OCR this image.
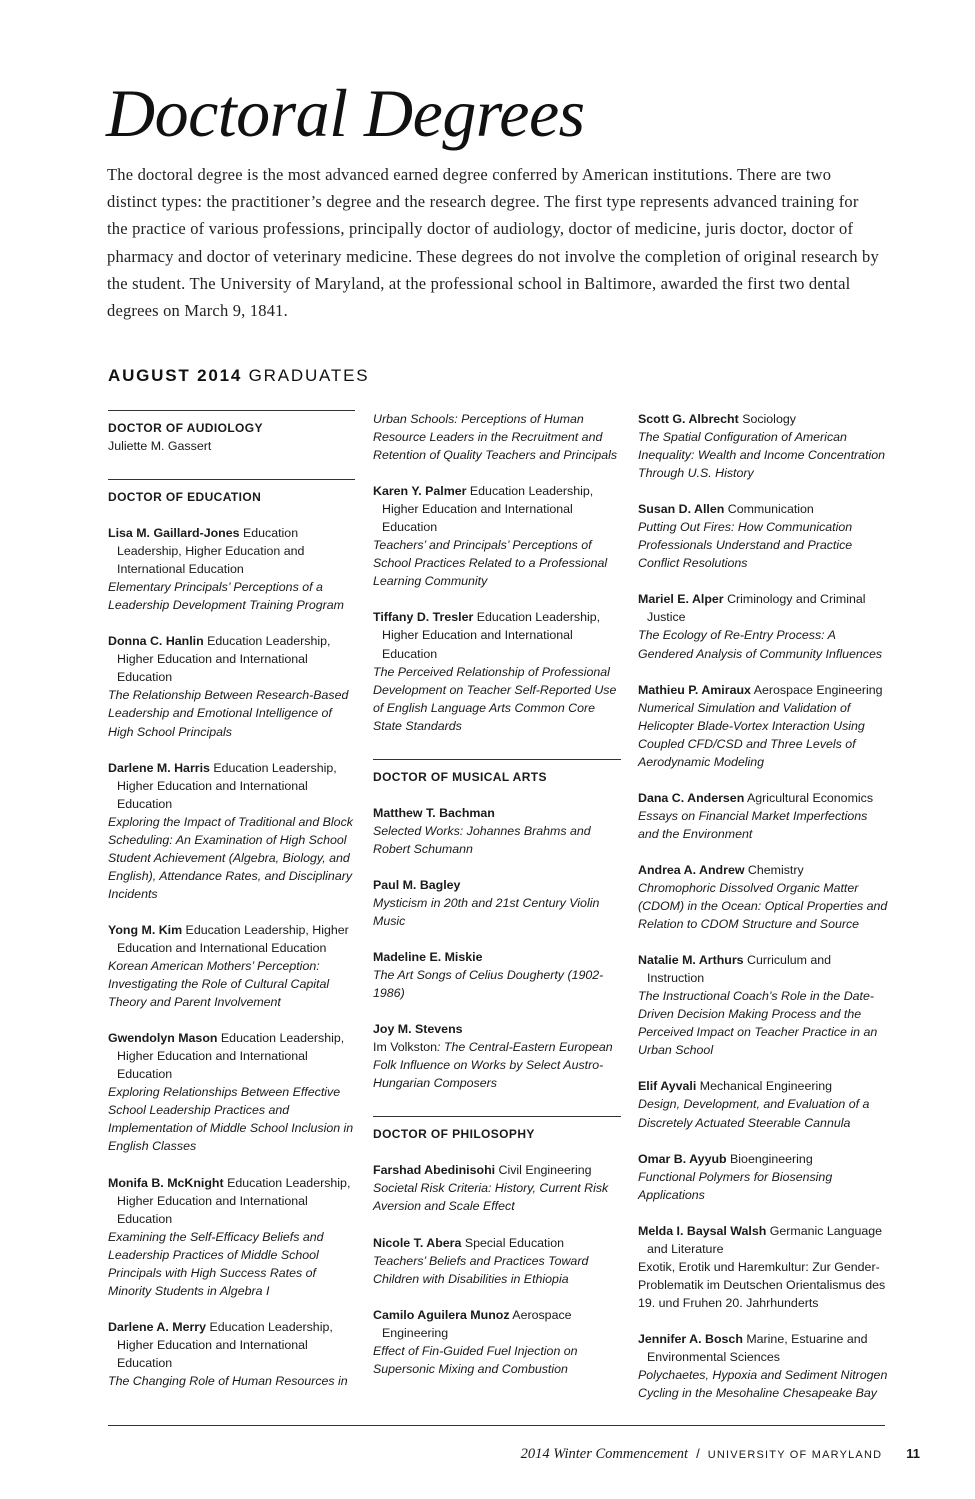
Doctoral Degrees

The doctoral degree is the most advanced earned degree conferred by American institutions. There are two distinct types: the practitioner’s degree and the research degree. The first type represents advanced training for the practice of various professions, principally doctor of audiology, doctor of medicine, juris doctor, doctor of pharmacy and doctor of veterinary medicine. These degrees do not involve the completion of original research by the student. The University of Maryland, at the professional school in Baltimore, awarded the first two dental degrees on March 9, 1841.

AUGUST 2014 GRADUATES
DOCTOR OF AUDIOLOGY
Juliette M. Gassert
DOCTOR OF EDUCATION
Lisa M. Gaillard-Jones Education Leadership, Higher Education and International Education
Elementary Principals’ Perceptions of a Leadership Development Training Program
Donna C. Hanlin Education Leadership, Higher Education and International Education
The Relationship Between Research-Based Leadership and Emotional Intelligence of High School Principals
Darlene M. Harris Education Leadership, Higher Education and International Education
Exploring the Impact of Traditional and Block Scheduling: An Examination of High School Student Achievement (Algebra, Biology, and English), Attendance Rates, and Disciplinary Incidents
Yong M. Kim Education Leadership, Higher Education and International Education
Korean American Mothers’ Perception: Investigating the Role of Cultural Capital Theory and Parent Involvement
Gwendolyn Mason Education Leadership, Higher Education and International Education
Exploring Relationships Between Effective School Leadership Practices and Implementation of Middle School Inclusion in English Classes
Monifa B. McKnight Education Leadership, Higher Education and International Education
Examining the Self-Efficacy Beliefs and Leadership Practices of Middle School Principals with High Success Rates of Minority Students in Algebra I
Darlene A. Merry Education Leadership, Higher Education and International Education
The Changing Role of Human Resources in
Urban Schools: Perceptions of Human Resource Leaders in the Recruitment and Retention of Quality Teachers and Principals
Karen Y. Palmer Education Leadership, Higher Education and International Education
Teachers’ and Principals’ Perceptions of School Practices Related to a Professional Learning Community
Tiffany D. Tresler Education Leadership, Higher Education and International Education
The Perceived Relationship of Professional Development on Teacher Self-Reported Use of English Language Arts Common Core State Standards
DOCTOR OF MUSICAL ARTS
Matthew T. Bachman
Selected Works: Johannes Brahms and Robert Schumann
Paul M. Bagley
Mysticism in 20th and 21st Century Violin Music
Madeline E. Miskie
The Art Songs of Celius Dougherty (1902-1986)
Joy M. Stevens
Im Volkston: The Central-Eastern European Folk Influence on Works by Select Austro-Hungarian Composers
DOCTOR OF PHILOSOPHY
Farshad Abedinisohi Civil Engineering
Societal Risk Criteria: History, Current Risk Aversion and Scale Effect
Nicole T. Abera Special Education
Teachers’ Beliefs and Practices Toward Children with Disabilities in Ethiopia
Camilo Aguilera Munoz Aerospace Engineering
Effect of Fin-Guided Fuel Injection on Supersonic Mixing and Combustion
Scott G. Albrecht Sociology
The Spatial Configuration of American Inequality: Wealth and Income Concentration Through U.S. History
Susan D. Allen Communication
Putting Out Fires: How Communication Professionals Understand and Practice Conflict Resolutions
Mariel E. Alper Criminology and Criminal Justice
The Ecology of Re-Entry Process: A Gendered Analysis of Community Influences
Mathieu P. Amiraux Aerospace Engineering
Numerical Simulation and Validation of Helicopter Blade-Vortex Interaction Using Coupled CFD/CSD and Three Levels of Aerodynamic Modeling
Dana C. Andersen Agricultural Economics
Essays on Financial Market Imperfections and the Environment
Andrea A. Andrew Chemistry
Chromophoric Dissolved Organic Matter (CDOM) in the Ocean: Optical Properties and Relation to CDOM Structure and Source
Natalie M. Arthurs Curriculum and Instruction
The Instructional Coach’s Role in the Date-Driven Decision Making Process and the Perceived Impact on Teacher Practice in an Urban School
Elif Ayvali Mechanical Engineering
Design, Development, and Evaluation of a Discretely Actuated Steerable Cannula
Omar B. Ayyub Bioengineering
Functional Polymers for Biosensing Applications
Melda I. Baysal Walsh Germanic Language and Literature
Exotik, Erotik und Haremkultur: Zur Gender-Problematik im Deutschen Orientalismus des 19. und Fruhen 20. Jahrhunderts
Jennifer A. Bosch Marine, Estuarine and Environmental Sciences
Polychaetes, Hypoxia and Sediment Nitrogen Cycling in the Mesohaline Chesapeake Bay
2014 Winter Commencement / UNIVERSITY OF MARYLAND 11
